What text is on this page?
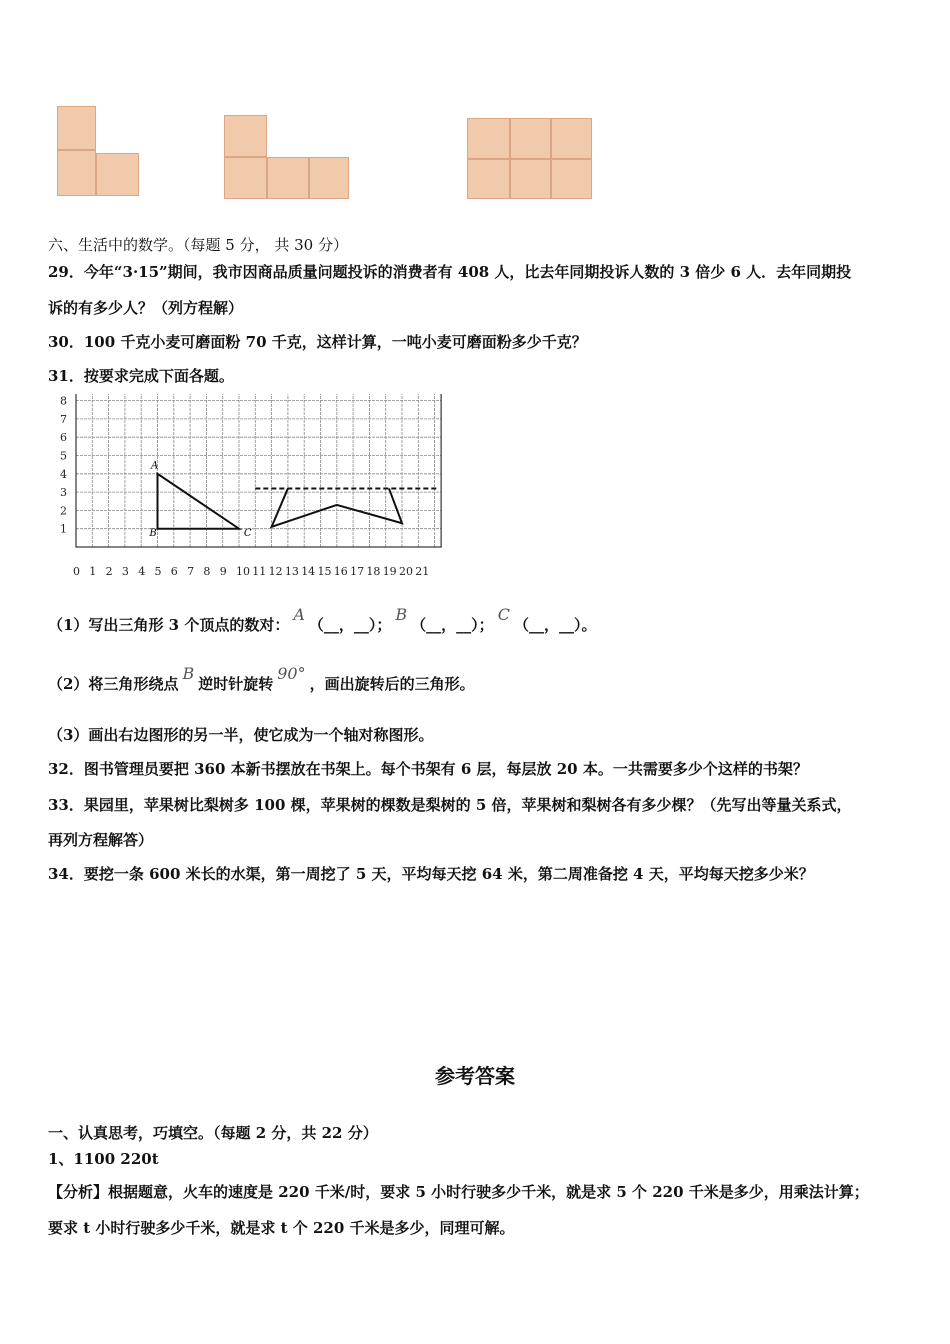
六、生活中的数学。（每题 5 分， 共 30 分）
29．今年“3·15”期间，我市因商品质量问题投诉的消费者有 408 人，比去年同期投诉人数的 3 倍少 6 人．去年同期投
诉的有多少人？（列方程解）
30．100 千克小麦可磨面粉 70 千克，这样计算，一吨小麦可磨面粉多少千克？
31．按要求完成下面各题。
8
7
6
5
4
3
2
1
0 1 2 3 4 5 6 7 8 9 10 11 12 13 14 15 16 17 18 19 20 21
A
B	C
（1）写出三角形 3 个顶点的数对：A（__，__）；B（__，__）；C（__，__）。
（2）将三角形绕点B逆时针旋转90°，画出旋转后的三角形。
（3）画出右边图形的另一半，使它成为一个轴对称图形。
32．图书管理员要把 360 本新书摆放在书架上。每个书架有 6 层，每层放 20 本。一共需要多少个这样的书架？
33．果园里，苹果树比梨树多 100 棵，苹果树的棵数是梨树的 5 倍，苹果树和梨树各有多少棵？（先写出等量关系式，
再列方程解答）
34．要挖一条 600 米长的水渠，第一周挖了 5 天，平均每天挖 64 米，第二周准备挖 4 天，平均每天挖多少米？
参考答案
一、认真思考，巧填空。（每题 2 分，共 22 分）
1、1100 220t
【分析】根据题意，火车的速度是 220 千米/时，要求 5 小时行驶多少千米，就是求 5 个 220 千米是多少，用乘法计算；
要求 t 小时行驶多少千米，就是求 t 个 220 千米是多少，同理可解。
